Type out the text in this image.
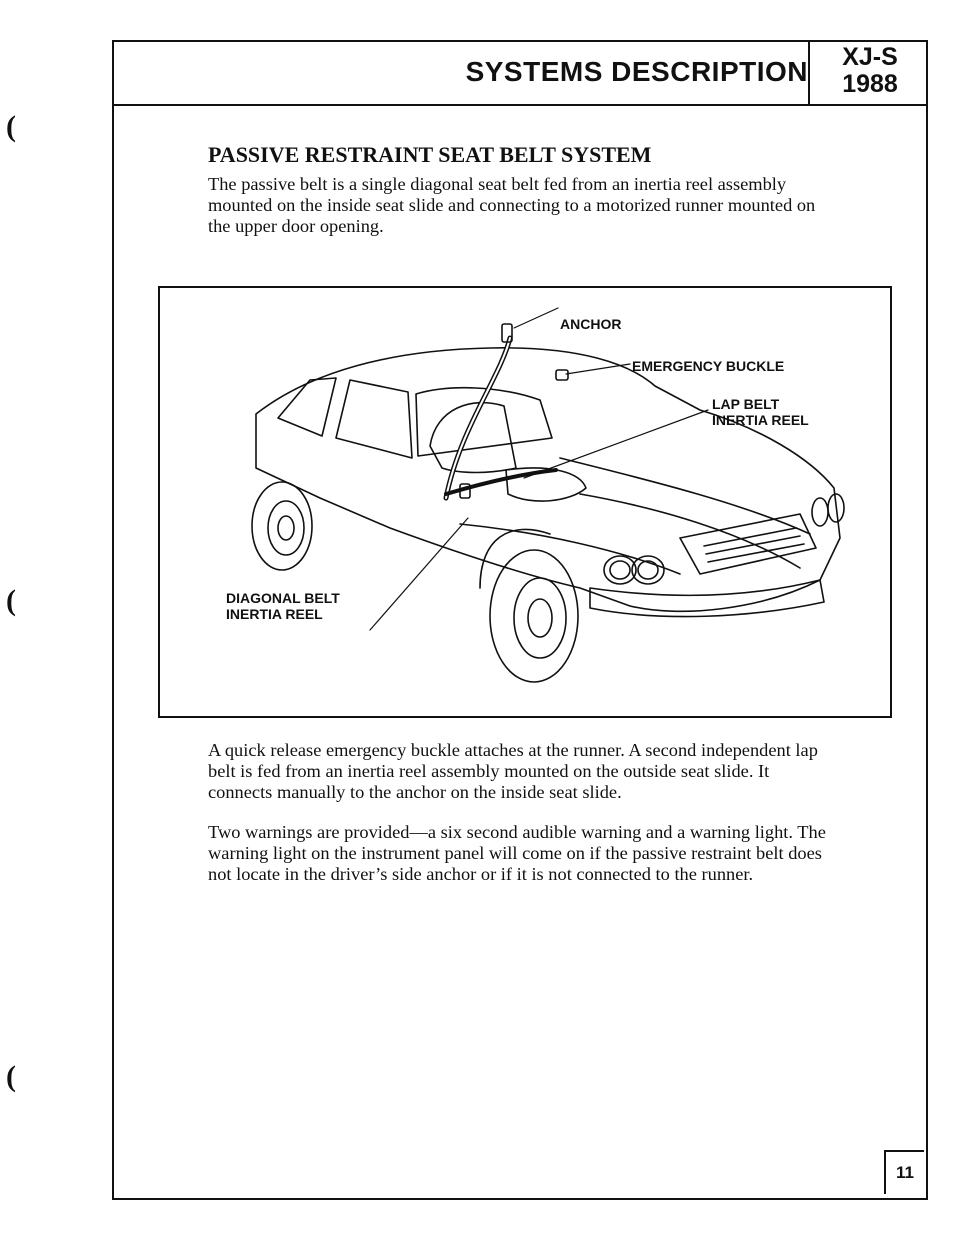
(
(
(
SYSTEMS DESCRIPTION	XJ-S
1988
PASSIVE RESTRAINT SEAT BELT SYSTEM

The passive belt is a single diagonal seat belt fed from an inertia reel assembly mounted on the inside seat slide and connecting to a motorized runner mounted on the upper door opening.

ANCHOR
EMERGENCY BUCKLE
LAP BELT
INERTIA REEL
DIAGONAL BELT
INERTIA REEL

A quick release emergency buckle attaches at the runner. A second independent lap belt is fed from an inertia reel assembly mounted on the outside seat slide. It connects manually to the anchor on the inside seat slide.

Two warnings are provided—a six second audible warning and a warning light. The warning light on the instrument panel will come on if the passive restraint belt does not locate in the driver’s side anchor or if it is not connected to the runner.

11
